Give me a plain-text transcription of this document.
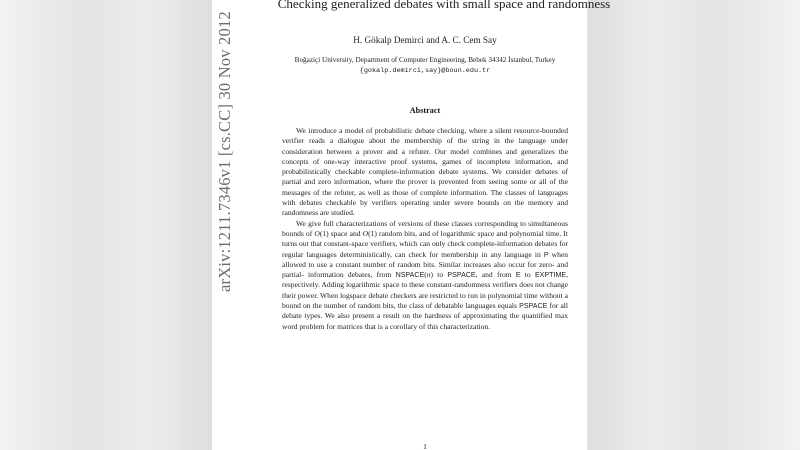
arXiv:1211.7346v1 [cs.CC] 30 Nov 2012
Checking generalized debates with small space and randomness
H. Gökalp Demirci and A. C. Cem Say
Boğaziçi University, Department of Computer Engineering, Bebek 34342 İstanbul, Turkey
{gokalp.demirci,say}@boun.edu.tr
Abstract

We introduce a model of probabilistic debate checking, where a silent resource-bounded verifier reads a dialogue about the membership of the string in the language under consideration between a prover and a refuter. Our model combines and generalizes the concepts of one-way interactive proof systems, games of incomplete information, and probabilistically checkable complete-information debate systems. We consider debates of partial and zero information, where the prover is prevented from seeing some or all of the messages of the refuter, as well as those of complete information. The classes of languages with debates checkable by verifiers operating under severe bounds on the memory and randomness are studied.

We give full characterizations of versions of these classes corresponding to simultaneous bounds of O(1) space and O(1) random bits, and of logarithmic space and polynomial time. It turns out that constant-space verifiers, which can only check complete-information debates for regular languages deterministically, can check for membership in any language in P when allowed to use a constant number of random bits. Similar increases also occur for zero- and partial- information debates, from NSPACE(n) to PSPACE, and from E to EXPTIME, respectively. Adding logarithmic space to these constant-randomness verifiers does not change their power. When logspace debate checkers are restricted to run in polynomial time without a bound on the number of random bits, the class of debatable languages equals PSPACE for all debate types. We also present a result on the hardness of approximating the quantified max word problem for matrices that is a corollary of this characterization.

1
